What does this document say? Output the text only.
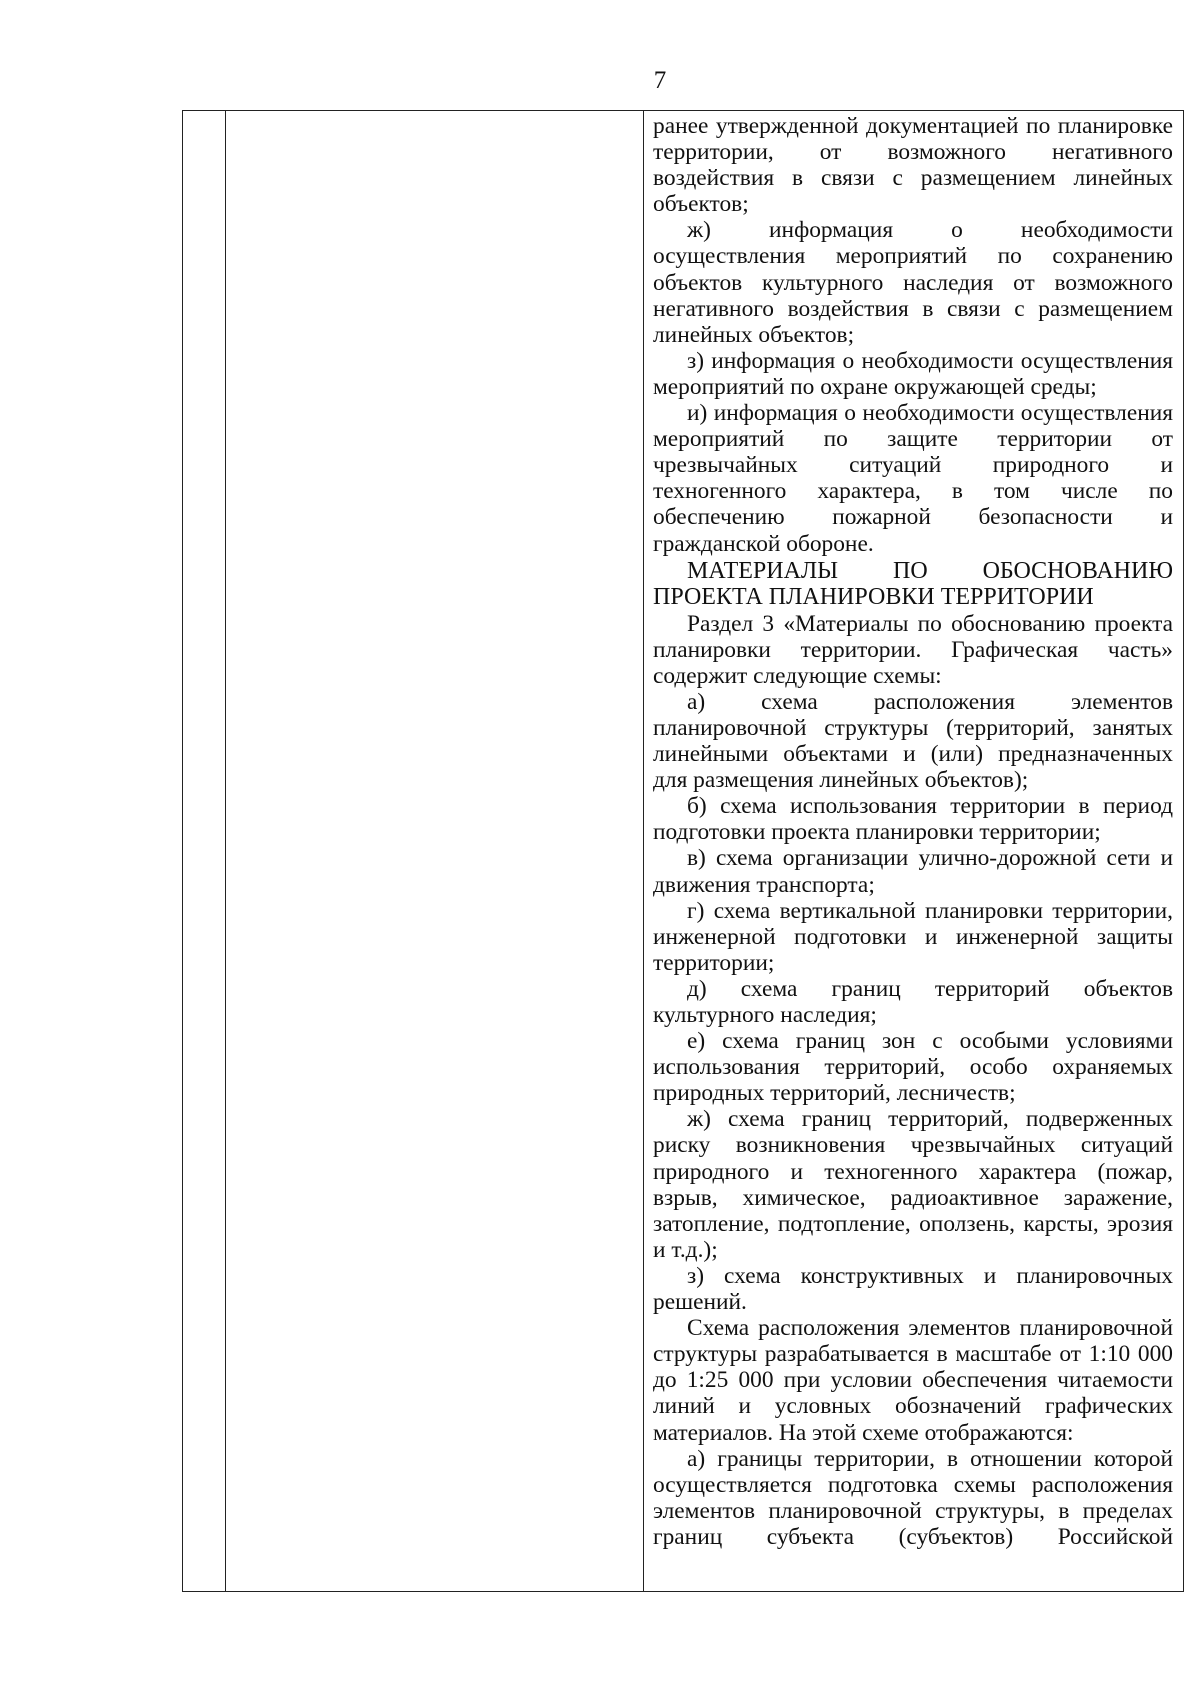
7

ранее утвержденной документацией по планировке территории, от возможного негативного воздействия в связи с размещением линейных объектов;

ж) информация о необходимости осуществления мероприятий по сохранению объектов культурного наследия от возможного негативного воздействия в связи с размещением линейных объектов;

з) информация о необходимости осуществления мероприятий по охране окружающей среды;

и) информация о необходимости осуществления мероприятий по защите территории от чрезвычайных ситуаций природного и техногенного характера, в том числе по обеспечению пожарной безопасности и гражданской обороне.

МАТЕРИАЛЫ ПО ОБОСНОВАНИЮ ПРОЕКТА ПЛАНИРОВКИ ТЕРРИТОРИИ

Раздел 3 «Материалы по обоснованию проекта планировки территории. Графическая часть» содержит следующие схемы:

а) схема расположения элементов планировочной структуры (территорий, занятых линейными объектами и (или) предназначенных для размещения линейных объектов);

б) схема использования территории в период подготовки проекта планировки территории;

в) схема организации улично-дорожной сети и движения транспорта;

г) схема вертикальной планировки территории, инженерной подготовки и инженерной защиты территории;

д) схема границ территорий объектов культурного наследия;

е) схема границ зон с особыми условиями использования территорий, особо охраняемых природных территорий, лесничеств;

ж) схема границ территорий, подверженных риску возникновения чрезвычайных ситуаций природного и техногенного характера (пожар, взрыв, химическое, радиоактивное заражение, затопление, подтопление, оползень, карсты, эрозия и т.д.);

з) схема конструктивных и планировочных решений.

Схема расположения элементов планировочной структуры разрабатывается в масштабе от 1:10 000 до 1:25 000 при условии обеспечения читаемости линий и условных обозначений графических материалов. На этой схеме отображаются:

а) границы территории, в отношении которой осуществляется подготовка схемы расположения элементов планировочной структуры, в пределах границ субъекта (субъектов) Российской
